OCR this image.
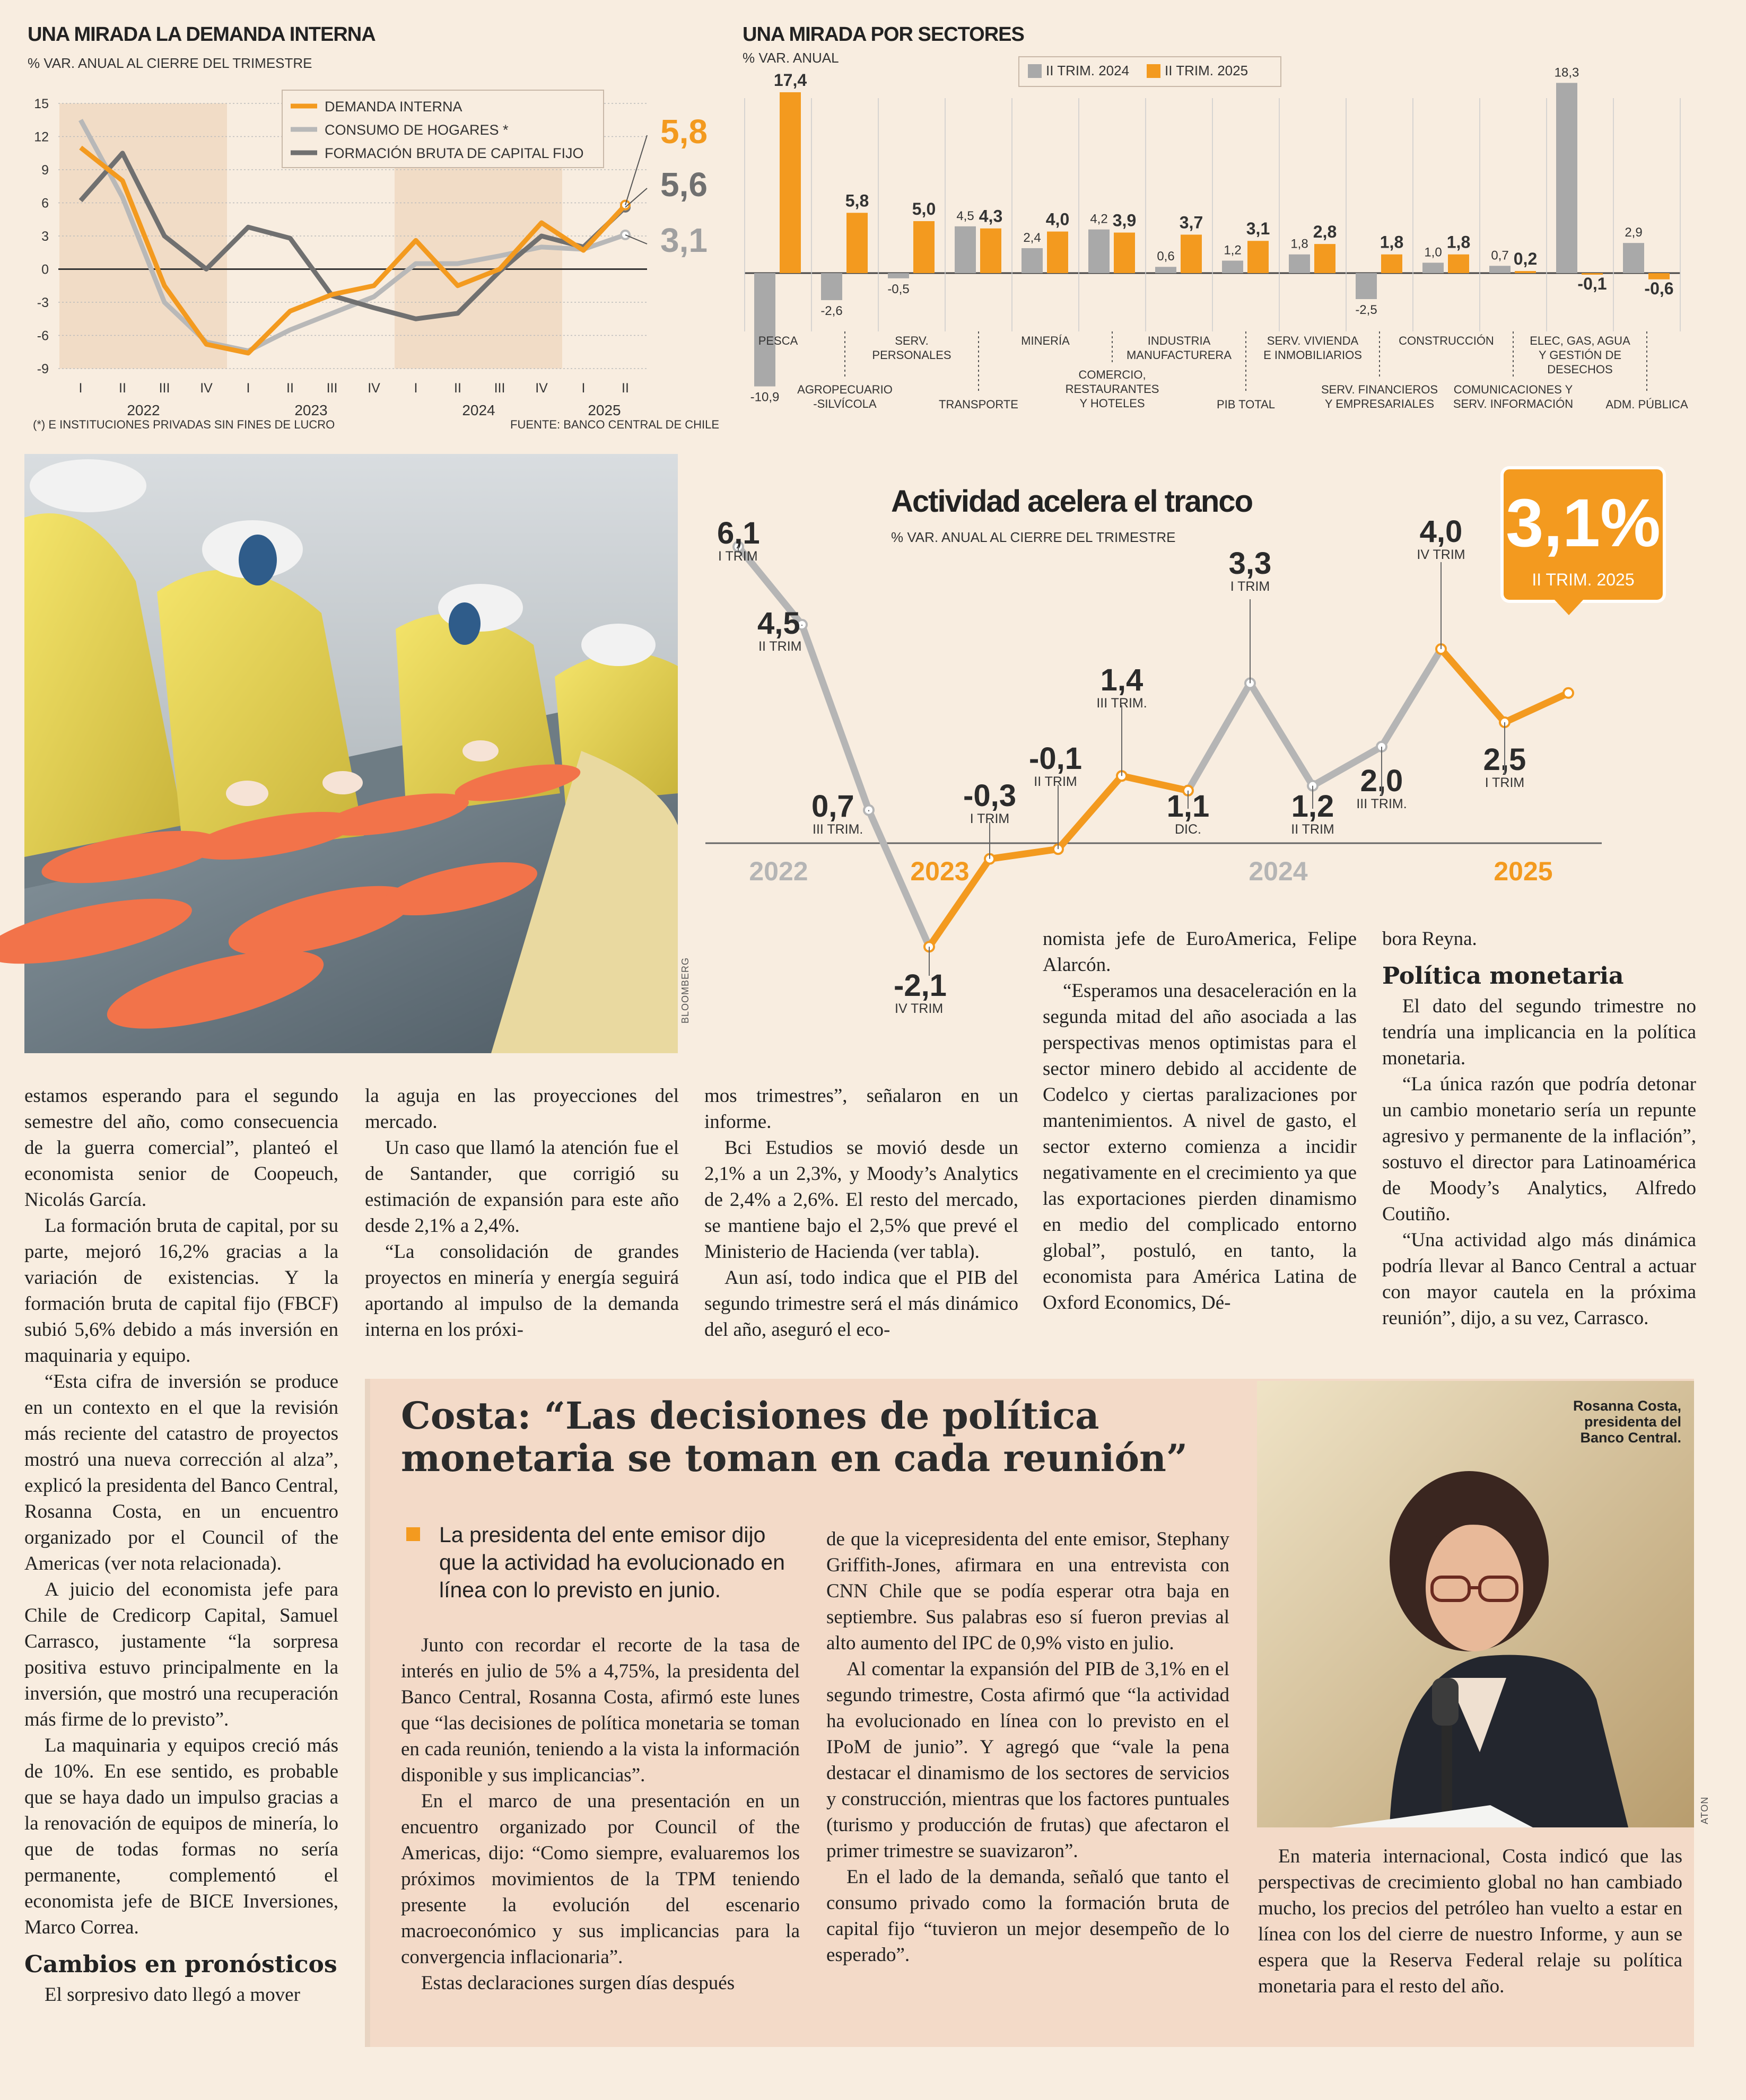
UNA MIRADA LA DEMANDA INTERNA
% VAR. ANUAL AL CIERRE DEL TRIMESTRE
15
12
9
6
3
0
-3
-6
-9
I	II III IV	I	II III IV	I	II III IV	I	II
2022	2023	2024	2025
5,8
5,6
3,1
DEMANDA INTERNA
CONSUMO DE HOGARES *
FORMACIÓN BRUTA DE CAPITAL FIJO
(*) E INSTITUCIONES PRIVADAS SIN FINES DE LUCRO	FUENTE: BANCO CENTRAL DE CHILE
UNA MIRADA POR SECTORES
% VAR. ANUAL
II TRIM. 2024	II TRIM. 2025
-10,9
17,4
-2,6
5,8
-0,5
5,0 4,5 4,3
2,4
4,0 4,2 3,9
0,6
3,7
1,2
3,1
1,8
2,8
-2,5
1,8
1,0
1,8
0,7 0,2
18,3
-0,1
2,9
-0,6
PESCA
AGROPECUARIO -SILVÍCOLA
SERV. PERSONALES
TRANSPORTE
MINERÍA
COMERCIO, RESTAURANTES Y HOTELES
INDUSTRIA MANUFACTURERA
PIB TOTAL
SERV. VIVIENDA E INMOBILIARIOS
SERV. FINANCIEROS Y EMPRESARIALES
CONSTRUCCIÓN
COMUNICACIONES Y SERV. INFORMACIÓN
ELEC, GAS, AGUA Y GESTIÓN DE DESECHOS
ADM. PÚBLICA
BLOOMBERG
6,1
I TRIM
4,5
II TRIM
0,7
III TRIM.
-2,1
IV TRIM
-0,3
I TRIM
-0,1
II TRIM
1,4
III TRIM.
1,1
DIC.
3,3
I TRIM
1,2
II TRIM
2,0
III TRIM.
4,0
IV TRIM
2,5
I TRIM
2022	2023	2024	2025
3,1%
II TRIM. 2025
Actividad acelera el tranco
% VAR. ANUAL AL CIERRE DEL TRIMESTRE

estamos esperando para el segundo semestre del año, como consecuencia de la guerra comercial”, planteó el economista senior de Coopeuch, Nicolás García.

La formación bruta de capital, por su parte, mejoró 16,2% gracias a la variación de existencias. Y la formación bruta de capital fijo (FBCF) subió 5,6% debido a más inversión en maquinaria y equipo.

“Esta cifra de inversión se produce en un contexto en el que la revisión más reciente del catastro de proyectos mostró una nueva corrección al alza”, explicó la presidenta del Banco Central, Rosanna Costa, en un encuentro organizado por el Council of the Americas (ver nota relacionada).

A juicio del economista jefe para Chile de Credicorp Capital, Samuel Carrasco, justamente “la sorpresa positiva estuvo principalmente en la inversión, que mostró una recuperación más firme de lo previsto”.

La maquinaria y equipos creció más de 10%. En ese sentido, es probable que se haya dado un impulso gracias a la renovación de equipos de minería, lo que de todas formas no sería permanente, complementó el economista jefe de BICE Inversiones, Marco Correa.

Cambios en pronósticos

El sorpresivo dato llegó a mover

la aguja en las proyecciones del mercado.

Un caso que llamó la atención fue el de Santander, que corrigió su estimación de expansión para este año desde 2,1% a 2,4%.

“La consolidación de grandes proyectos en minería y energía seguirá aportando al impulso de la demanda interna en los próxi-

mos trimestres”, señalaron en un informe.

Bci Estudios se movió desde un 2,1% a un 2,3%, y Moody’s Analytics de 2,4% a 2,6%. El resto del mercado, se mantiene bajo el 2,5% que prevé el Ministerio de Hacienda (ver tabla).

Aun así, todo indica que el PIB del segundo trimestre será el más dinámico del año, aseguró el eco-

nomista jefe de EuroAmerica, Felipe Alarcón.

“Esperamos una desaceleración en la segunda mitad del año asociada a las perspectivas menos optimistas para el sector minero debido al accidente de Codelco y ciertas paralizaciones por mantenimientos. A nivel de gasto, el sector externo comienza a incidir negativamente en el crecimiento ya que las exportaciones pierden dinamismo en medio del complicado entorno global”, postuló, en tanto, la economista para América Latina de Oxford Economics, Dé-

bora Reyna.

Política monetaria

El dato del segundo trimestre no tendría una implicancia en la política monetaria.

“La única razón que podría detonar un cambio monetario sería un repunte agresivo y permanente de la inflación”, sostuvo el director para Latinoamérica de Moody’s Analytics, Alfredo Coutiño.

“Una actividad algo más dinámica podría llevar al Banco Central a actuar con mayor cautela en la próxima reunión”, dijo, a su vez, Carrasco.

Costa: “Las decisiones de política monetaria se toman en cada reunión”
La presidenta del ente emisor dijo que la actividad ha evolucionado en línea con lo previsto en junio.

Junto con recordar el recorte de la tasa de interés en julio de 5% a 4,75%, la presidenta del Banco Central, Rosanna Costa, afirmó este lunes que “las decisiones de política monetaria se toman en cada reunión, teniendo a la vista la información disponible y sus implicancias”.

En el marco de una presentación en un encuentro organizado por Council of the Americas, dijo: “Como siempre, evaluaremos los próximos movimientos de la TPM teniendo presente la evolución del escenario macroeconómico y sus implicancias para la convergencia inflacionaria”.

Estas declaraciones surgen días después

de que la vicepresidenta del ente emisor, Stephany Griffith-Jones, afirmara en una entrevista con CNN Chile que se podía esperar otra baja en septiembre. Sus palabras eso sí fueron previas al alto aumento del IPC de 0,9% visto en julio.

Al comentar la expansión del PIB de 3,1% en el segundo trimestre, Costa afirmó que “la actividad ha evolucionado en línea con lo previsto en el IPoM de junio”. Y agregó que “vale la pena destacar el dinamismo de los sectores de servicios y construcción, mientras que los factores puntuales (turismo y producción de frutas) que afectaron el primer trimestre se suavizaron”.

En el lado de la demanda, señaló que tanto el consumo privado como la formación bruta de capital fijo “tuvieron un mejor desempeño de lo esperado”.

Rosanna Costa, presidenta del Banco Central.
ATON

En materia internacional, Costa indicó que las perspectivas de crecimiento global no han cambiado mucho, los precios del petróleo han vuelto a estar en línea con los del cierre de nuestro Informe, y aun se espera que la Reserva Federal relaje su política monetaria para el resto del año.
